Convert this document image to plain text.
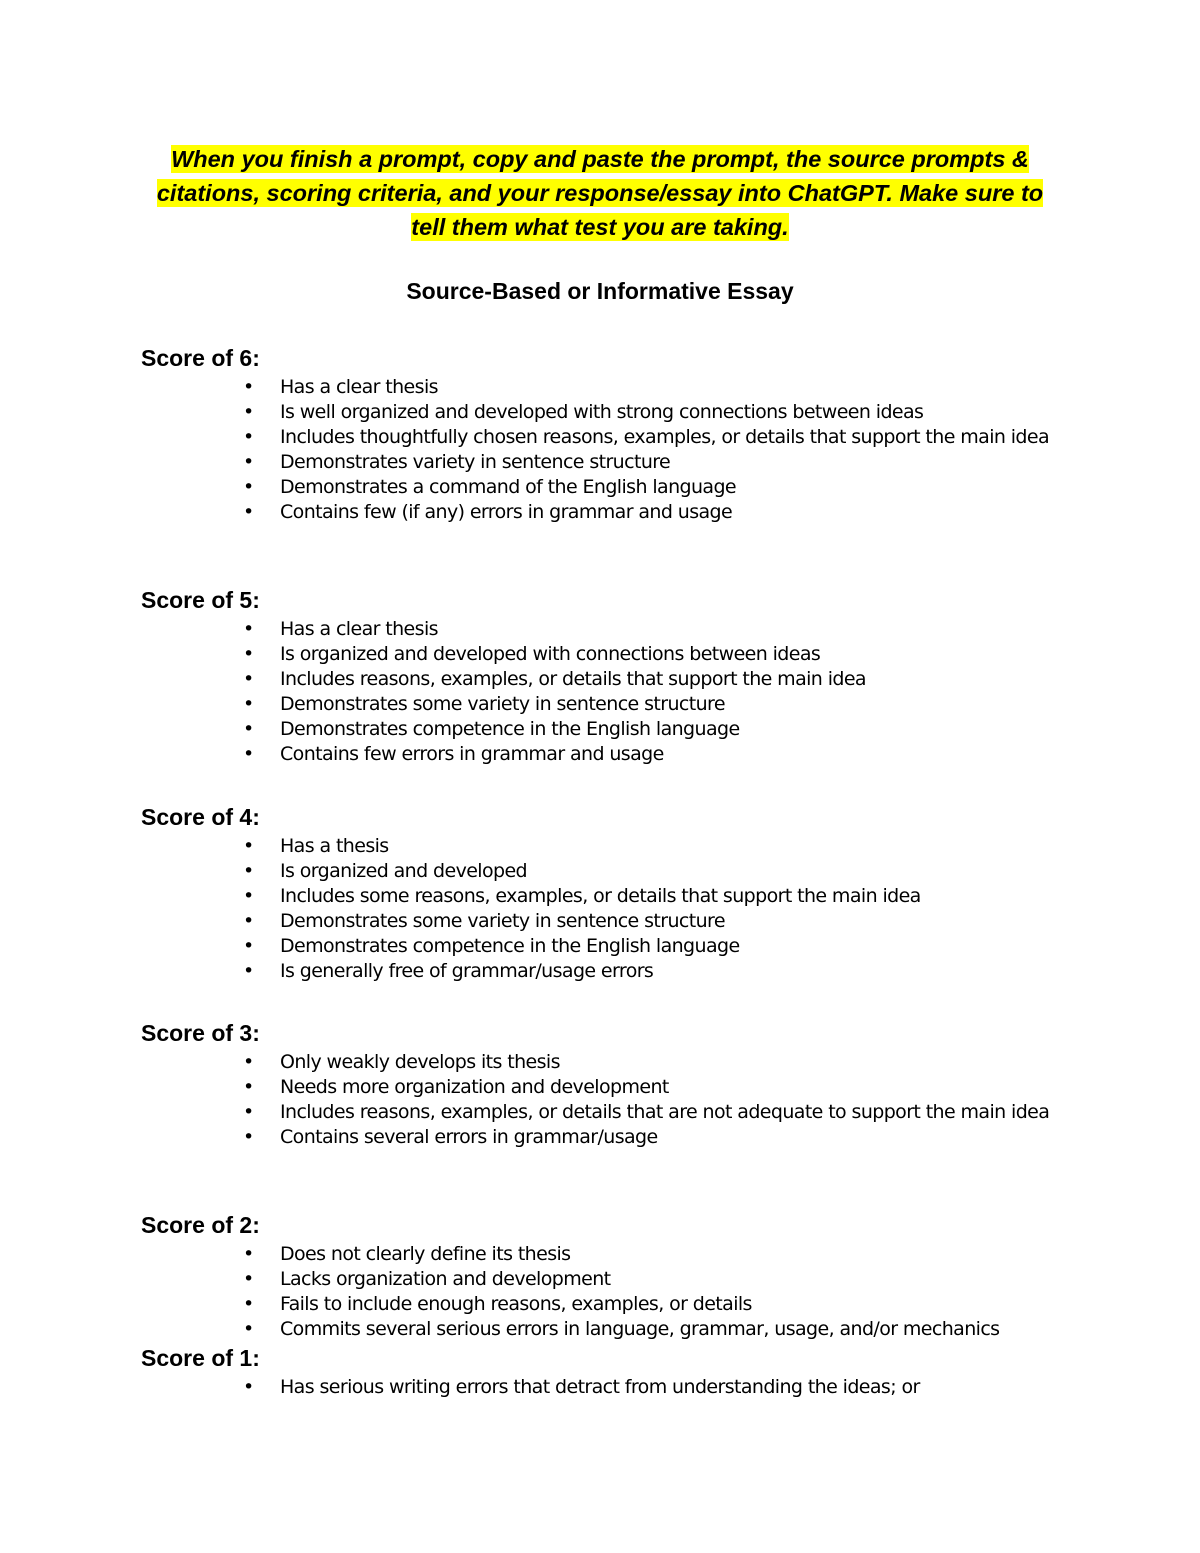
When you finish a prompt, copy and paste the prompt, the source prompts & citations, scoring criteria, and your response/essay into ChatGPT. Make sure to tell them what test you are taking.
Source-Based or Informative Essay
Score of 6:
• Has a clear thesis
• Is well organized and developed with strong connections between ideas
• Includes thoughtfully chosen reasons, examples, or details that support the main idea
• Demonstrates variety in sentence structure
• Demonstrates a command of the English language
• Contains few (if any) errors in grammar and usage
Score of 5:
• Has a clear thesis
• Is organized and developed with connections between ideas
• Includes reasons, examples, or details that support the main idea
• Demonstrates some variety in sentence structure
• Demonstrates competence in the English language
• Contains few errors in grammar and usage
Score of 4:
• Has a thesis
• Is organized and developed
• Includes some reasons, examples, or details that support the main idea
• Demonstrates some variety in sentence structure
• Demonstrates competence in the English language
• Is generally free of grammar/usage errors
Score of 3:
• Only weakly develops its thesis
• Needs more organization and development
• Includes reasons, examples, or details that are not adequate to support the main idea
• Contains several errors in grammar/usage
Score of 2:
• Does not clearly define its thesis
• Lacks organization and development
• Fails to include enough reasons, examples, or details
• Commits several serious errors in language, grammar, usage, and/or mechanics
Score of 1:
• Has serious writing errors that detract from understanding the ideas; or
